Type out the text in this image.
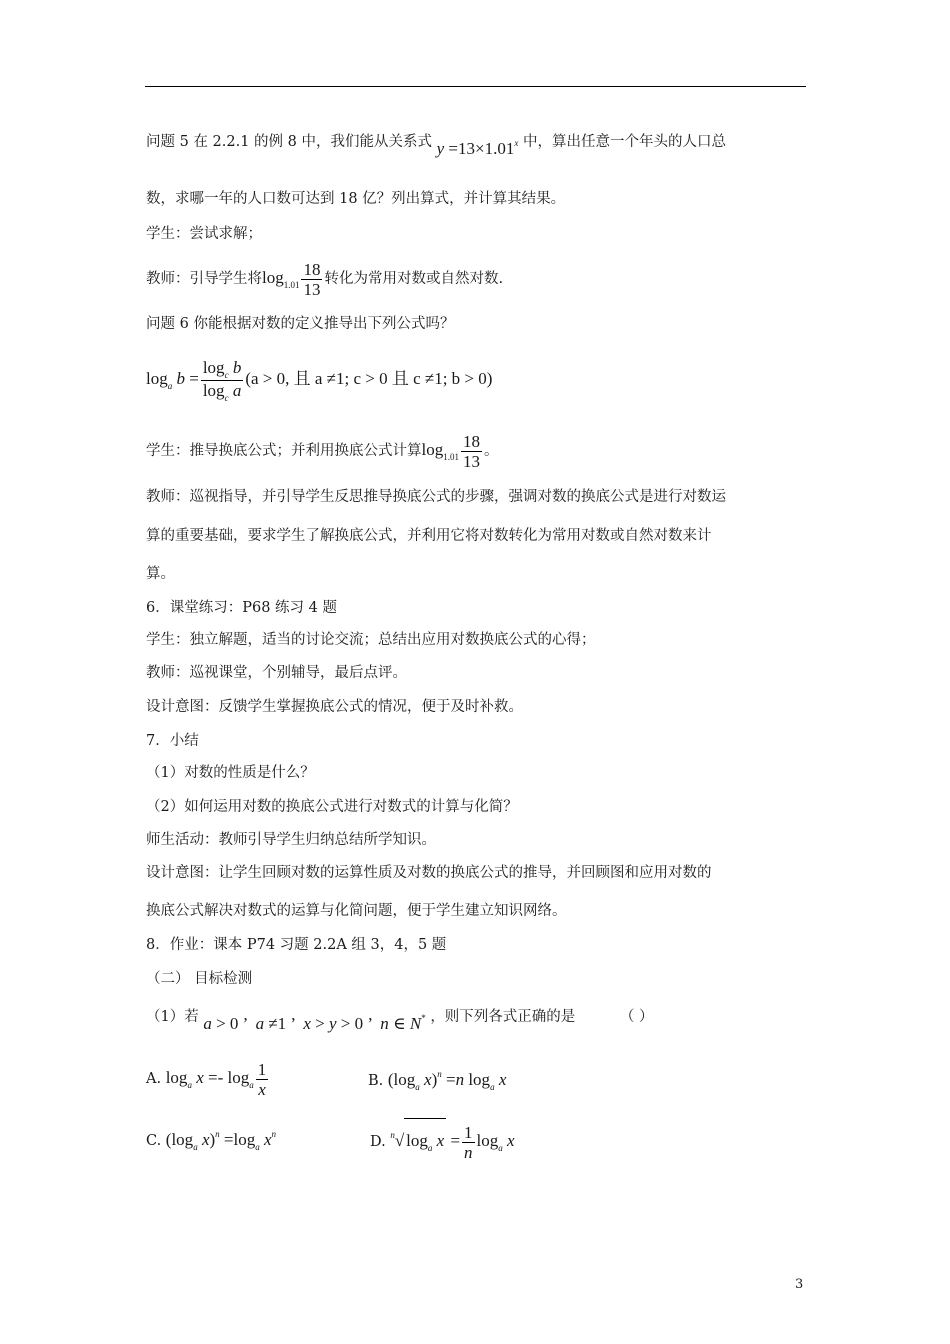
问题 5 在 2.2.1 的例 8 中，我们能从关系式 $y =13\times 1.01^x$ 中，算出任意一个年头的人口总
数，求哪一年的人口数可达到 18 亿？列出算式，并计算其结果。
学生：尝试求解；
教师：引导学生将$\log_{1.01} \frac{18}{13}$ 转化为常用对数或自然对数.
问题 6 你能根据对数的定义推导出下列公式吗？
$\log_a b = \frac{\log_c b}{\log_c a} (a > 0$, 且 a ≠1; c > 0 且 c ≠1; b > 0)
学生：推导换底公式；并利用换底公式计算$\log_{1.01} \frac{18}{13}$ 。
教师：巡视指导，并引导学生反思推导换底公式的步骤，强调对数的换底公式是进行对数运
算的重要基础，要求学生了解换底公式，并利用它将对数转化为常用对数或自然对数来计
算。
6．课堂练习：P68 练习 4 题
学生：独立解题，适当的讨论交流；总结出应用对数换底公式的心得；
教师：巡视课堂，个别辅导，最后点评。
设计意图：反馈学生掌握换底公式的情况，便于及时补救。
7．小结
（1）对数的性质是什么？
（2）如何运用对数的换底公式进行对数式的计算与化简？
师生活动：教师引导学生归纳总结所学知识。
设计意图：让学生回顾对数的运算性质及对数的换底公式的推导，并回顾图和应用对数的
换底公式解决对数式的运算与化简问题，便于学生建立知识网络。
8．作业：课本 P74 习题 2.2A 组 3，4，5 题
（二） 目标检测
（1）若 a > 0 ’  a ≠1 ’  x > y > 0 ’  n ∈ N* ，则下列各式正确的是	（ ）
A. $\log_a x =- \log_a \frac{1}{x}$	B. ($\log_a$ x)$^n$ =n $\log_a x$
C. ($\log_a$ $x)^n =\log_a$ $x^n$	D. $^n$√ $\log_a x = \frac{1}{n} \log_a x$
3
